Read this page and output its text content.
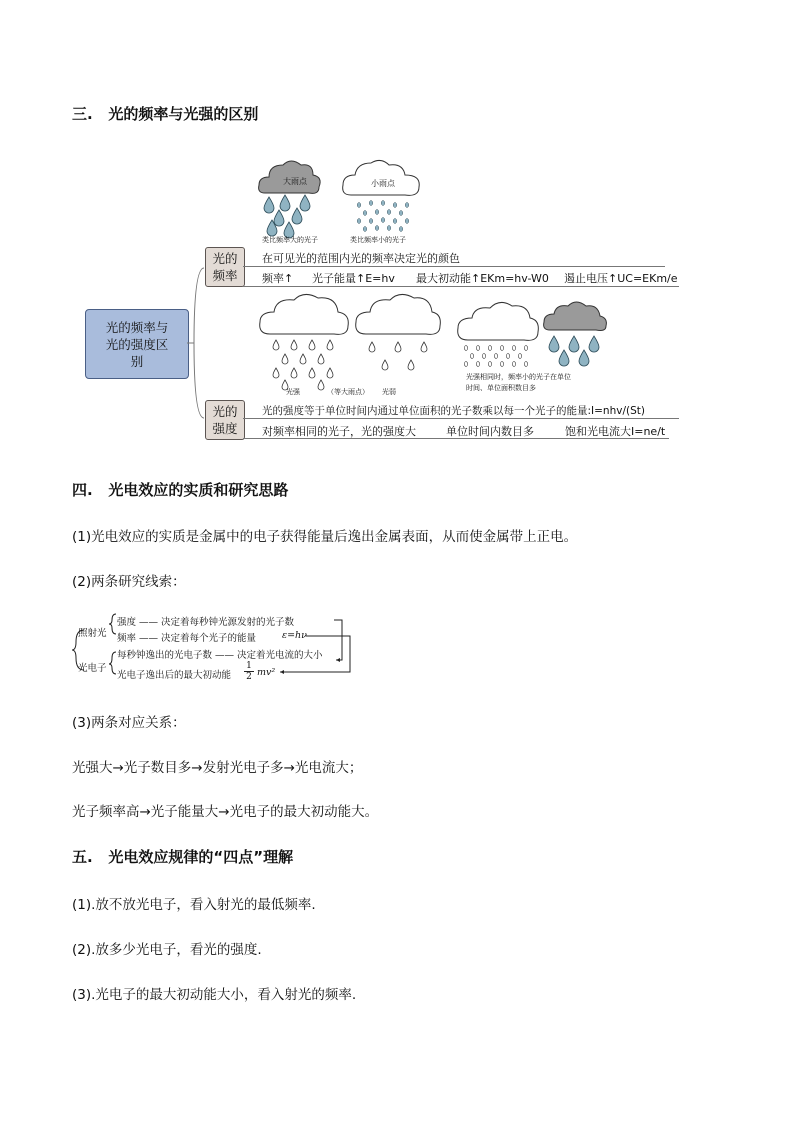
三.   光的频率与光强的区别
光的频率与
光的强度区
别
光的
频率
在可见光的范围内光的频率决定光的颜色
频率↑ 光子能量↑E=hv 最大初动能↑EKm=hv-W0 遏止电压↑UC=EKm/e
光的
强度
光的强度等于单位时间内通过单位面积的光子数乘以每一个光子的能量:I=nhv/(St)
对频率相同的光子，光的强度大	单位时间内数目多	饱和光电流大I=ne/t
大雨点	小雨点
类比频率大的光子	类比频率小的光子
光强	（等大雨点） 光弱
光强相同时，频率小的光子在单位
时间、单位面积数目多
四.   光电效应的实质和研究思路
(1)光电效应的实质是金属中的电子获得能量后逸出金属表面，从而使金属带上正电。
(2)两条研究线索：
照射光
光电子
强度 —— 决定着每秒钟光源发射的光子数
频率 —— 决定着每个光子的能量	ε=hν
每秒钟逸出的光电子数 —— 决定着光电流的大小
光电子逸出后的最大初动能 $\frac{1}{2} mv^2$
(3)两条对应关系：
光强大→光子数目多→发射光电子多→光电流大；
光子频率高→光子能量大→光电子的最大初动能大。
五.   光电效应规律的“四点”理解
(1).放不放光电子，看入射光的最低频率.
(2).放多少光电子，看光的强度.
(3).光电子的最大初动能大小，看入射光的频率.
